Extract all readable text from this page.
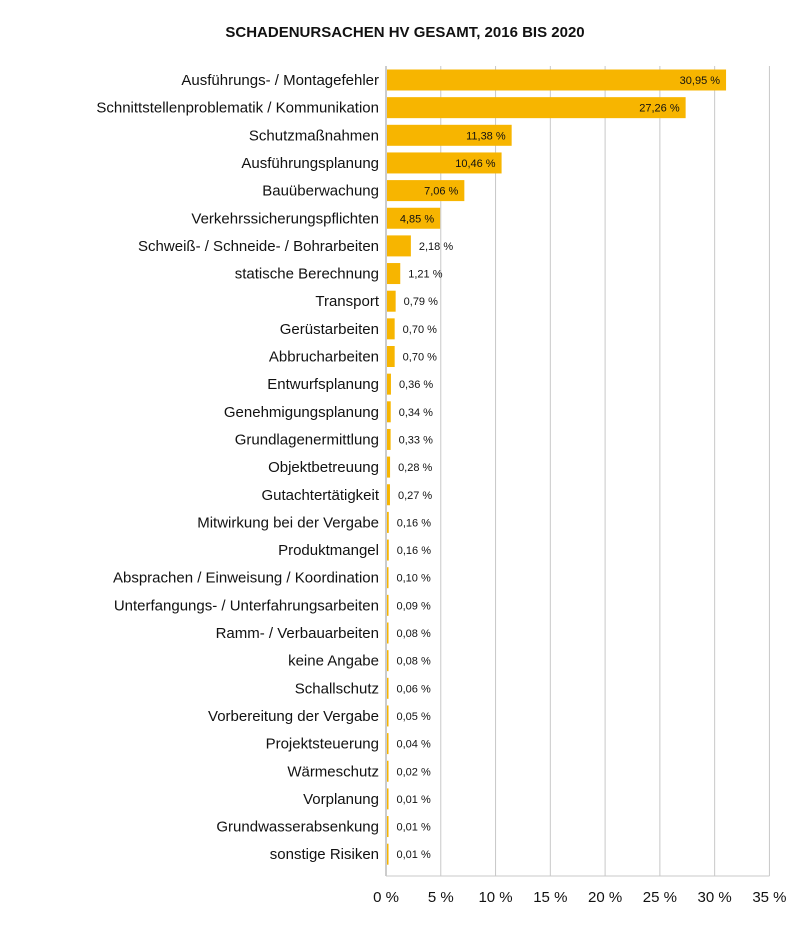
SCHADENURSACHEN HV GESAMT, 2016 BIS 2020
Ausführungs- / Montagefehler
Schnittstellenproblematik / Kommunikation
Schutzmaßnahmen
Ausführungsplanung
Bauüberwachung
Verkehrssicherungspflichten
Schweiß- / Schneide- / Bohrarbeiten
statische Berechnung
Transport
Gerüstarbeiten
Abbrucharbeiten
Entwurfsplanung
Genehmigungsplanung
Grundlagenermittlung
Objektbetreuung
Gutachtertätigkeit
Mitwirkung bei der Vergabe
Produktmangel
Absprachen / Einweisung / Koordination
Unterfangungs- / Unterfahrungsarbeiten
Ramm- / Verbauarbeiten
keine Angabe
Schallschutz
Vorbereitung der Vergabe
Projektsteuerung
Wärmeschutz
Vorplanung
Grundwasserabsenkung
sonstige Risiken
30,95 %
27,26 %
11,38 %
10,46 %
7,06 %
4,85 %
2,18 %
1,21 %
0,79 %
0,70 %
0,70 %
0,36 %
0,34 %
0,33 %
0,28 %
0,27 %
0,16 %
0,16 %
0,10 %
0,09 %
0,08 %
0,08 %
0,06 %
0,05 %
0,04 %
0,02 %
0,01 %
0,01 %
0,01 %
0 % 5 % 10 % 15 % 20 % 25 % 30 % 35 %
